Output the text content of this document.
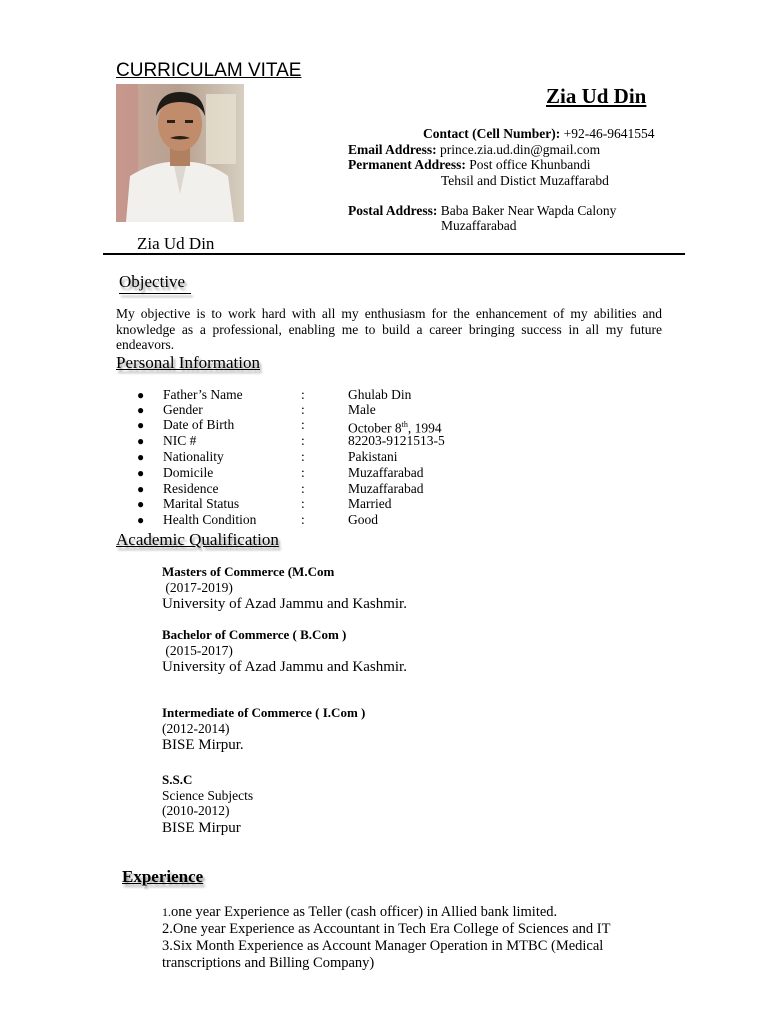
CURRICULAM VITAE
Zia Ud Din
Zia Ud Din
Contact (Cell Number): +92-46-9641554
Email Address: prince.zia.ud.din@gmail.com
Permanent Address: Post office Khunbandi
Tehsil and Distict Muzaffarabd
Postal Address: Baba Baker Near Wapda Calony
Muzaffarabad
Objective
My objective is to work hard with all my enthusiasm for the enhancement of my abilities and knowledge as a professional, enabling me to build a career bringing success in all my future endeavors.
Personal Information
● Father’s Name	:	Ghulab Din
● Gender	:	Male
● Date of Birth	:	October 8th, 1994
● NIC #	:	82203-9121513-5
● Nationality	:	Pakistani
● Domicile	:	Muzaffarabad
● Residence	:	Muzaffarabad
● Marital Status	:	Married
● Health Condition	:	Good
Academic Qualification
Masters of Commerce (M.Com
(2017-2019)
University of Azad Jammu and Kashmir.
Bachelor of Commerce ( B.Com )
(2015-2017)
University of Azad Jammu and Kashmir.
Intermediate of Commerce ( I.Com )
(2012-2014)
BISE Mirpur.
S.S.C
Science Subjects
(2010-2012)
BISE Mirpur
Experience
1.one year Experience as Teller (cash officer) in Allied bank limited.
2.One year Experience as Accountant in Tech Era College of Sciences and IT
3.Six Month Experience as Account Manager Operation in MTBC (Medical transcriptions and Billing Company)
